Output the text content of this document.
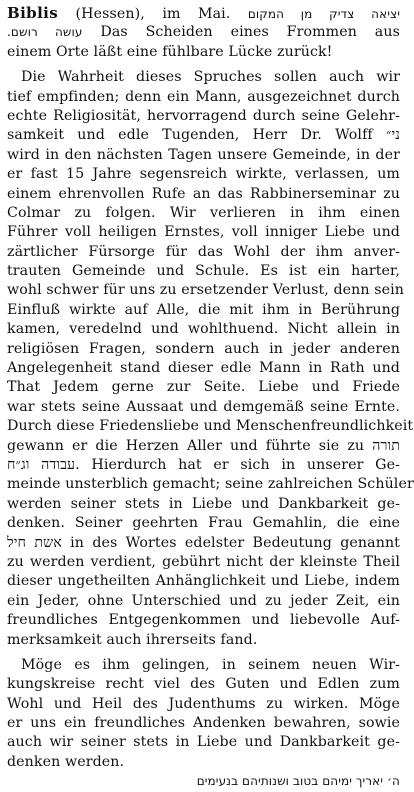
Biblis (Hessen), im Mai. יציאה צדיק מן המקום
עושה רושם. Das Scheiden eines Frommen aus
einem Orte läßt eine fühlbare Lücke zurück!
Die Wahrheit dieses Spruches sollen auch wir
tief empfinden; denn ein Mann, ausgezeichnet durch
echte Religiosität, hervorragend durch seine Gelehr-
samkeit und edle Tugenden, Herr Dr. Wolff ני״
wird in den nächsten Tagen unsere Gemeinde, in der
er fast 15 Jahre segensreich wirkte, verlassen, um
einem ehrenvollen Rufe an das Rabbinerseminar zu
Colmar zu folgen. Wir verlieren in ihm einen
Führer voll heiligen Ernstes, voll inniger Liebe und
zärtlicher Fürsorge für das Wohl der ihm anver-
trauten Gemeinde und Schule. Es ist ein harter,
wohl schwer für uns zu ersetzender Verlust, denn sein
Einfluß wirkte auf Alle, die mit ihm in Berührung
kamen, veredelnd und wohlthuend. Nicht allein in
religiösen Fragen, sondern auch in jeder anderen
Angelegenheit stand dieser edle Mann in Rath und
That Jedem gerne zur Seite. Liebe und Friede
war stets seine Aussaat und demgemäß seine Ernte.
Durch diese Friedensliebe und Menschenfreundlichkeit
gewann er die Herzen Aller und führte sie zu תורה
עבודה וג״ח. Hierdurch hat er sich in unserer Ge-
meinde unsterblich gemacht; seine zahlreichen Schüler
werden seiner stets in Liebe und Dankbarkeit ge-
denken. Seiner geehrten Frau Gemahlin, die eine
אשת חיל in des Wortes edelster Bedeutung genannt
zu werden verdient, gebührt nicht der kleinste Theil
dieser ungetheilten Anhänglichkeit und Liebe, indem
ein Jeder, ohne Unterschied und zu jeder Zeit, ein
freundliches Entgegenkommen und liebevolle Auf-
merksamkeit auch ihrerseits fand.
Möge es ihm gelingen, in seinem neuen Wir-
kungskreise recht viel des Guten und Edlen zum
Wohl und Heil des Judenthums zu wirken. Möge
er uns ein freundliches Andenken bewahren, sowie
auch wir seiner stets in Liebe und Dankbarkeit ge-
denken werden.
ה׳ יאריך ימיהם בטוב ושנותיהם בנעימים
